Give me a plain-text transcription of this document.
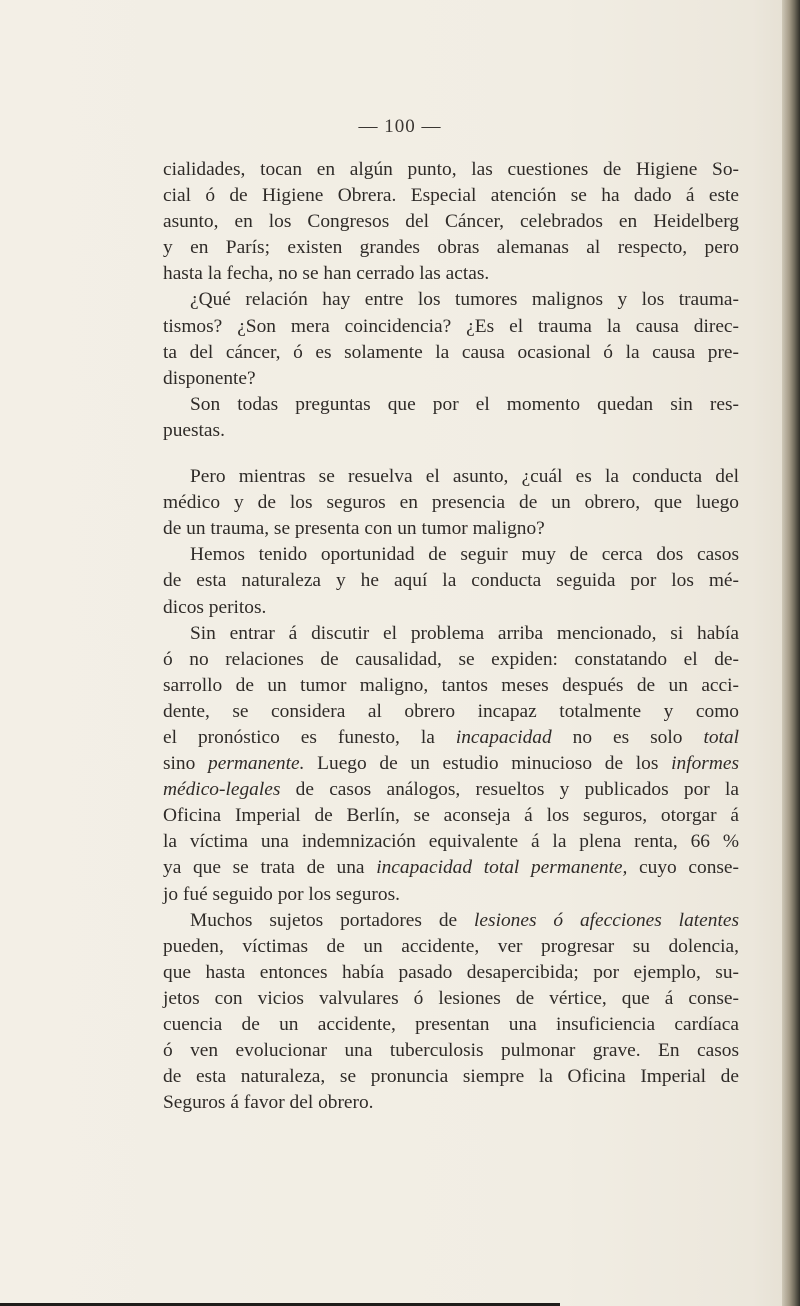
— 100 —
cialidades, tocan en algún punto, las cuestiones de Higiene So-
cial ó de Higiene Obrera. Especial atención se ha dado á este
asunto, en los Congresos del Cáncer, celebrados en Heidelberg
y en París; existen grandes obras alemanas al respecto, pero
hasta la fecha, no se han cerrado las actas.
¿Qué relación hay entre los tumores malignos y los trauma-
tismos? ¿Son mera coincidencia? ¿Es el trauma la causa direc-
ta del cáncer, ó es solamente la causa ocasional ó la causa pre-
disponente?
Son todas preguntas que por el momento quedan sin res-
puestas.
Pero mientras se resuelva el asunto, ¿cuál es la conducta del
médico y de los seguros en presencia de un obrero, que luego
de un trauma, se presenta con un tumor maligno?
Hemos tenido oportunidad de seguir muy de cerca dos casos
de esta naturaleza y he aquí la conducta seguida por los mé-
dicos peritos.
Sin entrar á discutir el problema arriba mencionado, si había
ó no relaciones de causalidad, se expiden: constatando el de-
sarrollo de un tumor maligno, tantos meses después de un acci-
dente, se considera al obrero incapaz totalmente y como
el pronóstico es funesto, la incapacidad no es solo total
sino permanente. Luego de un estudio minucioso de los informes
médico-legales de casos análogos, resueltos y publicados por la
Oficina Imperial de Berlín, se aconseja á los seguros, otorgar á
la víctima una indemnización equivalente á la plena renta, 66 %
ya que se trata de una incapacidad total permanente, cuyo conse-
jo fué seguido por los seguros.
Muchos sujetos portadores de lesiones ó afecciones latentes
pueden, víctimas de un accidente, ver progresar su dolencia,
que hasta entonces había pasado desapercibida; por ejemplo, su-
jetos con vicios valvulares ó lesiones de vértice, que á conse-
cuencia de un accidente, presentan una insuficiencia cardíaca
ó ven evolucionar una tuberculosis pulmonar grave. En casos
de esta naturaleza, se pronuncia siempre la Oficina Imperial de
Seguros á favor del obrero.
